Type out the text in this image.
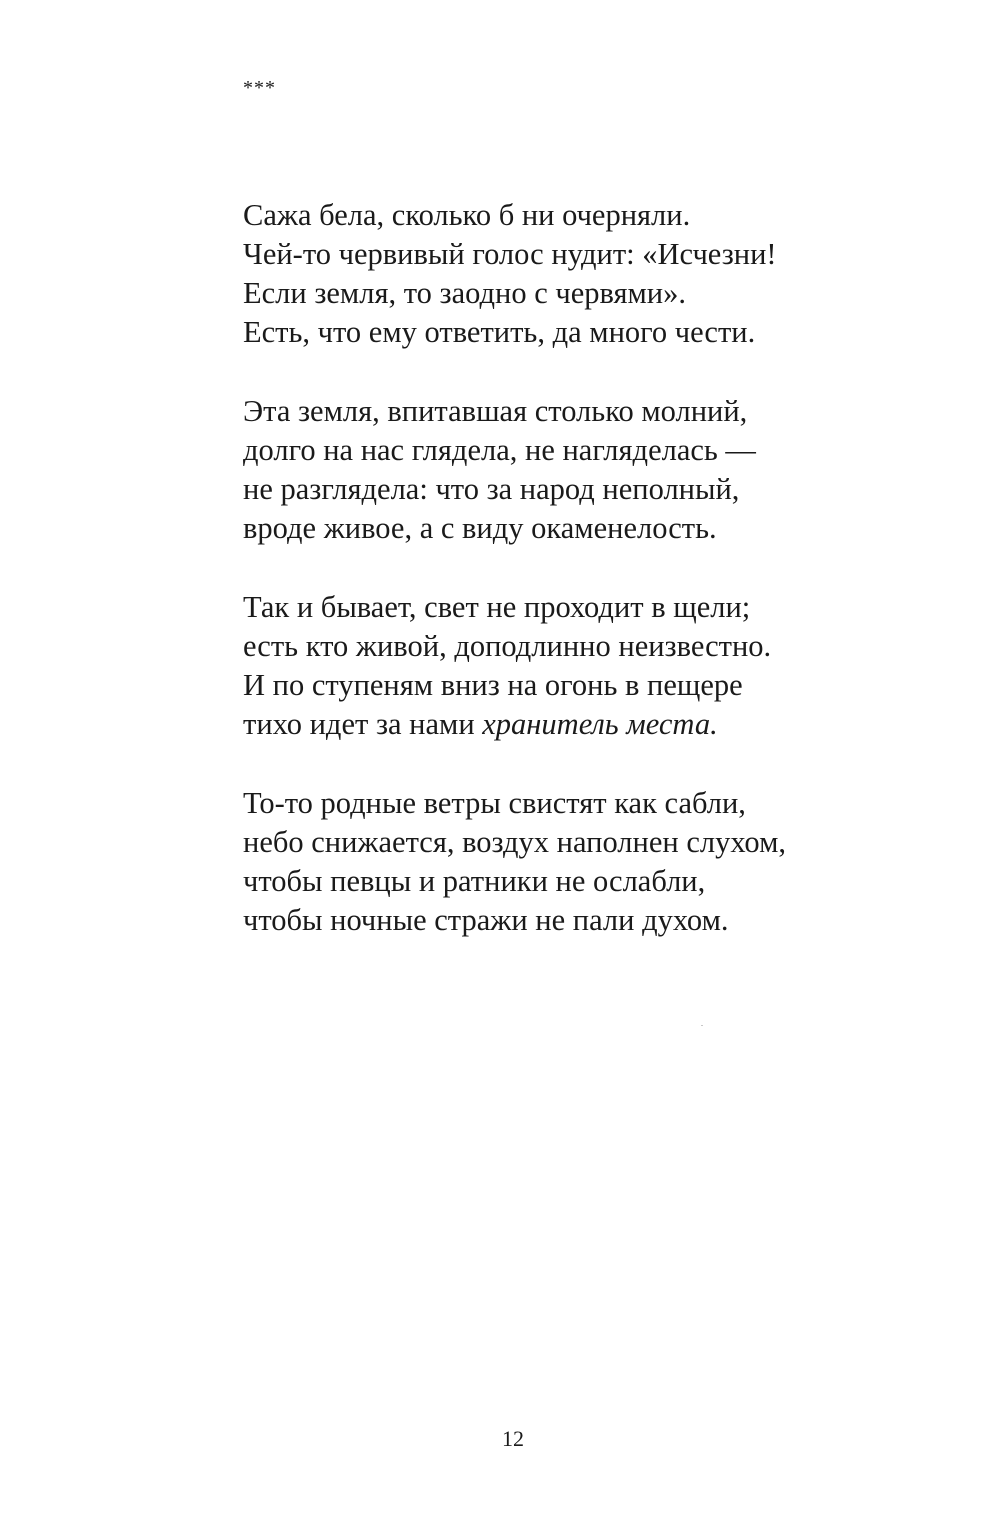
***
Сажа бела, сколько б ни очерняли.
Чей-то червивый голос нудит: «Исчезни!
Если земля, то заодно с червями».
Есть, что ему ответить, да много чести.
Эта земля, впитавшая столько молний,
долго на нас глядела, не нагляделась —
не разглядела: что за народ неполный,
вроде живое, а с виду окаменелость.
Так и бывает, свет не проходит в щели;
есть кто живой, доподлинно неизвестно.
И по ступеням вниз на огонь в пещере
тихо идет за нами хранитель места.
То-то родные ветры свистят как сабли,
небо снижается, воздух наполнен слухом,
чтобы певцы и ратники не ослабли,
чтобы ночные стражи не пали духом.
12
